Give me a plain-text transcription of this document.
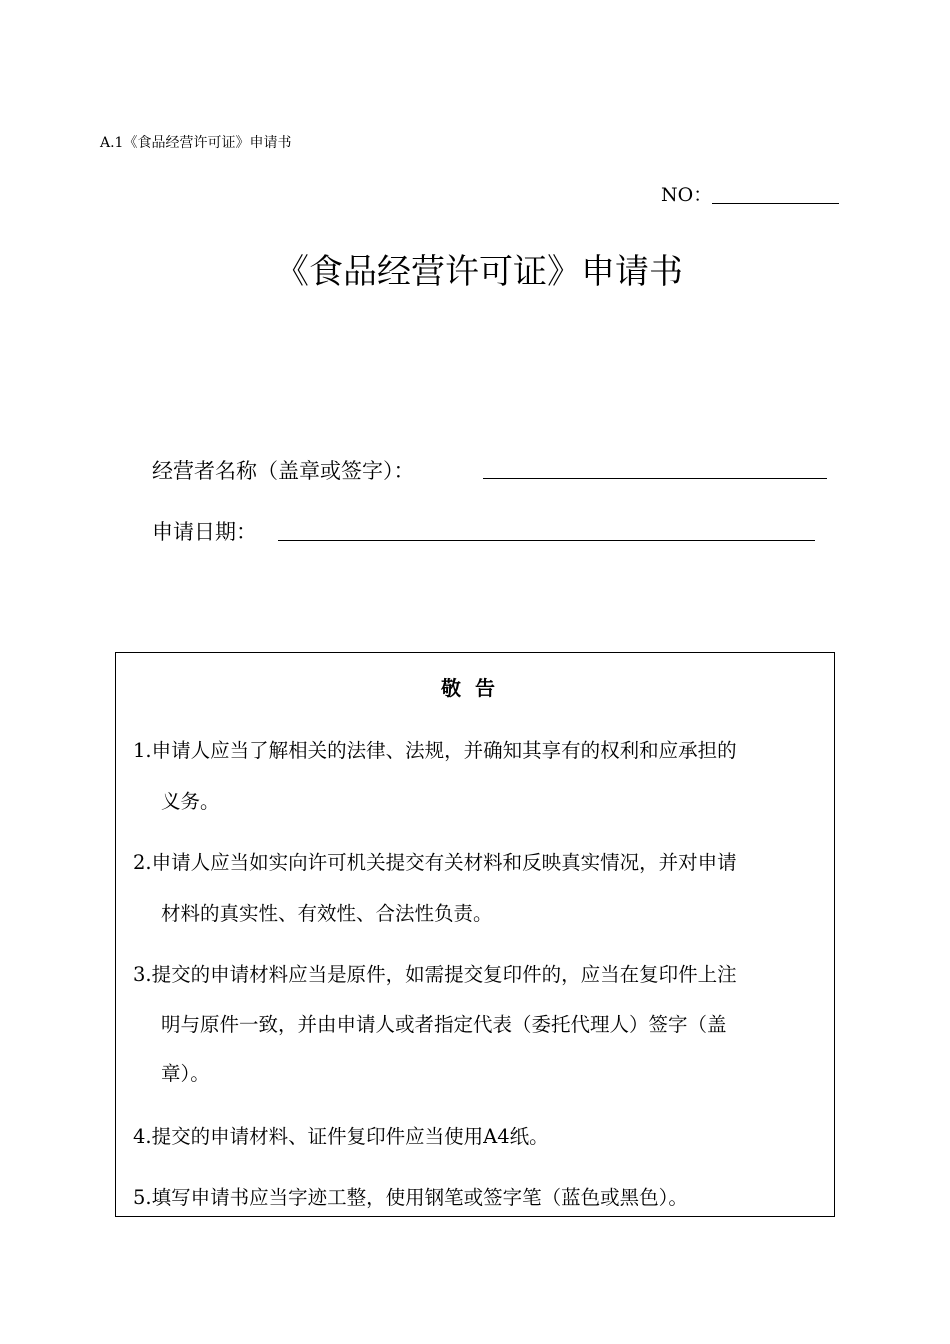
A.1《食品经营许可证》申请书
NO：
《食品经营许可证》申请书
经营者名称（盖章或签字）：
申请日期：
敬告
1.申请人应当了解相关的法律、法规，并确知其享有的权利和应承担的
义务。
2.申请人应当如实向许可机关提交有关材料和反映真实情况，并对申请
材料的真实性、有效性、合法性负责。
3.提交的申请材料应当是原件，如需提交复印件的，应当在复印件上注
明与原件一致，并由申请人或者指定代表（委托代理人）签字（盖
章）。
4.提交的申请材料、证件复印件应当使用A4纸。
5.填写申请书应当字迹工整，使用钢笔或签字笔（蓝色或黑色）。
